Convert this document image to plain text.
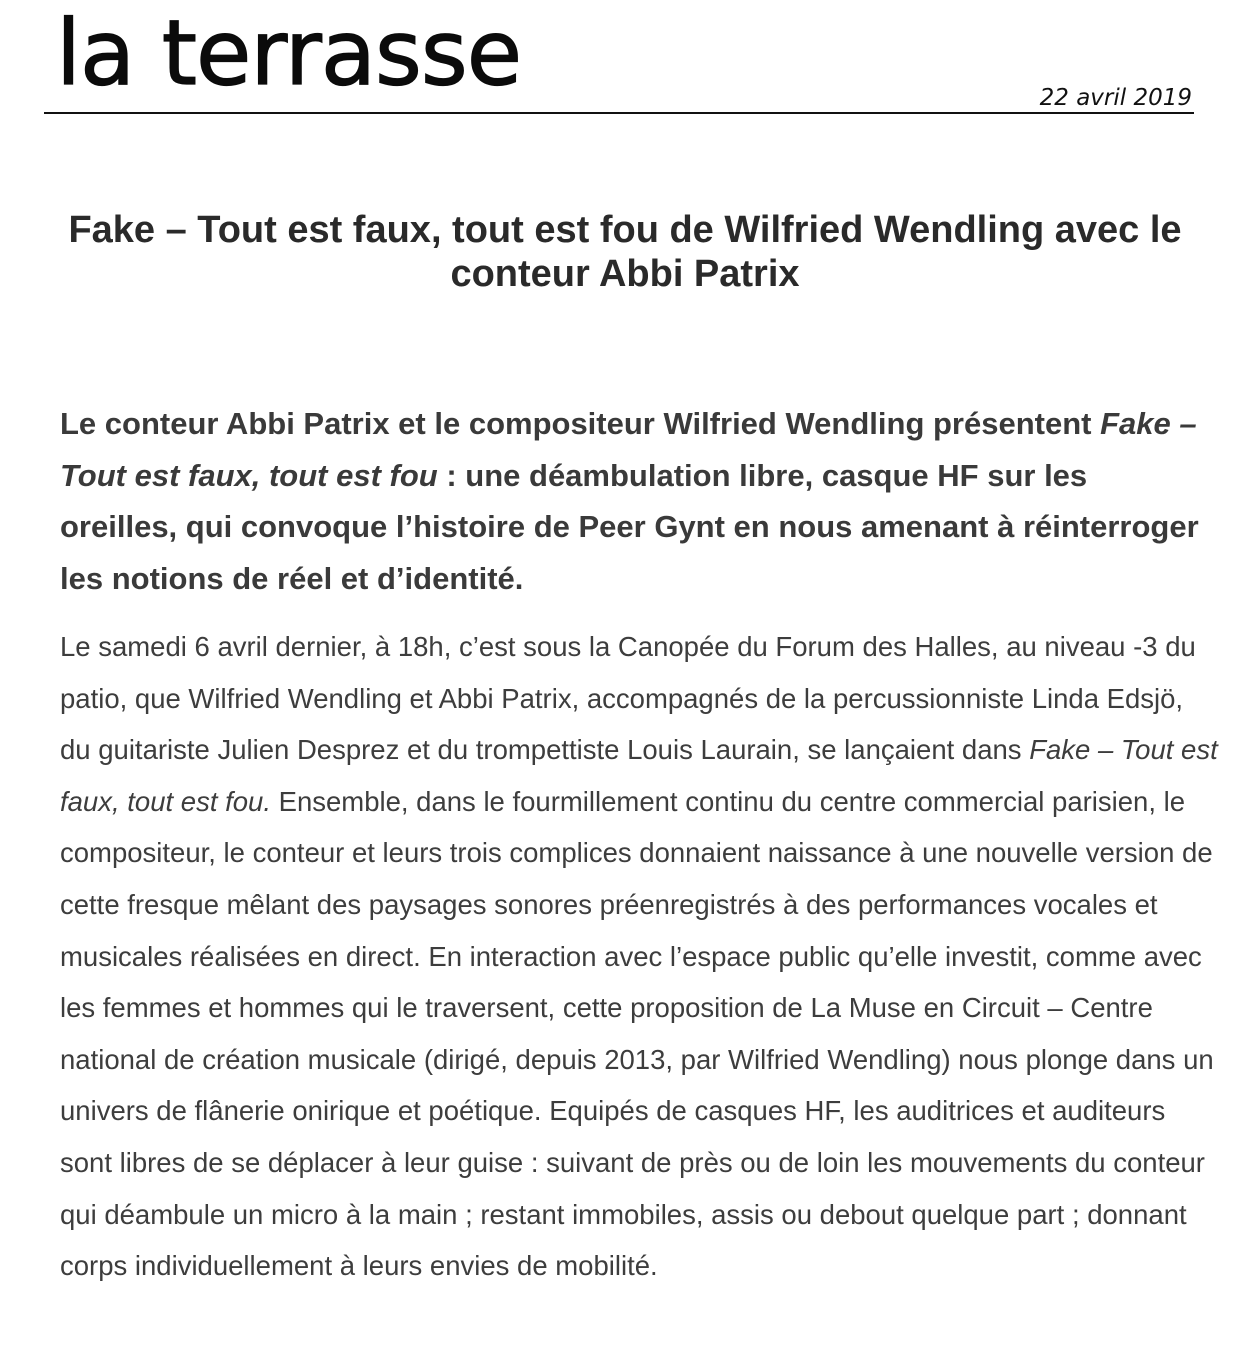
la terrasse	22 avril 2019
Fake – Tout est faux, tout est fou de Wilfried Wendling avec le conteur Abbi Patrix

Le conteur Abbi Patrix et le compositeur Wilfried Wendling présentent Fake – Tout est faux, tout est fou : une déambulation libre, casque HF sur les oreilles, qui convoque l’histoire de Peer Gynt en nous amenant à réinterroger les notions de réel et d’identité.

Le samedi 6 avril dernier, à 18h, c’est sous la Canopée du Forum des Halles, au niveau -3 du patio, que Wilfried Wendling et Abbi Patrix, accompagnés de la percussionniste Linda Edsjö, du guitariste Julien Desprez et du trompettiste Louis Laurain, se lançaient dans Fake – Tout est faux, tout est fou. Ensemble, dans le fourmillement continu du centre commercial parisien, le compositeur, le conteur et leurs trois complices donnaient naissance à une nouvelle version de cette fresque mêlant des paysages sonores préenregistrés à des performances vocales et musicales réalisées en direct. En interaction avec l’espace public qu’elle investit, comme avec les femmes et hommes qui le traversent, cette proposition de La Muse en Circuit – Centre national de création musicale (dirigé, depuis 2013, par Wilfried Wendling) nous plonge dans un univers de flânerie onirique et poétique. Equipés de casques HF, les auditrices et auditeurs sont libres de se déplacer à leur guise : suivant de près ou de loin les mouvements du conteur qui déambule un micro à la main ; restant immobiles, assis ou debout quelque part ; donnant corps individuellement à leurs envies de mobilité.
